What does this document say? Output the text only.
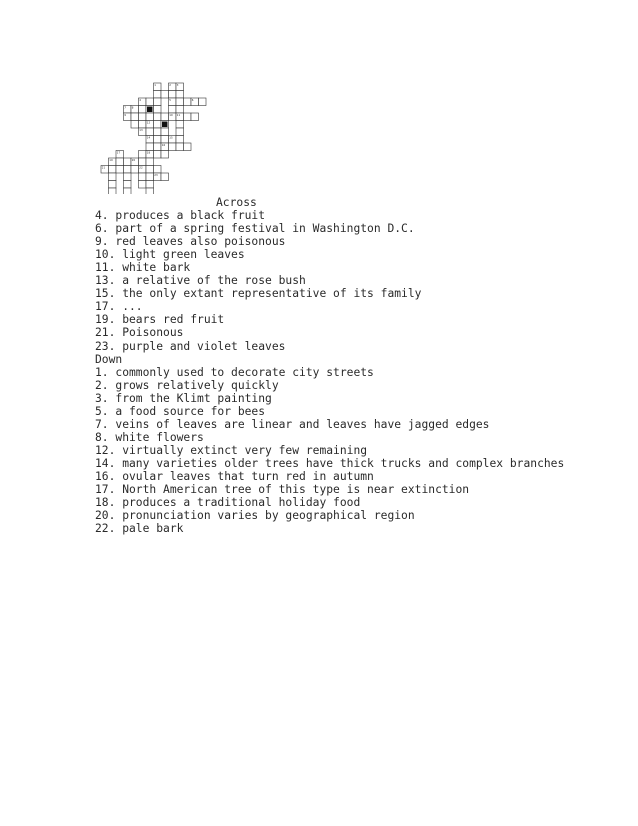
1	2 3
4	5	6
7 8
9	10 11
12
13
14	15
16
17	18
19	20
21	22
23
Across
4. produces a black fruit
6. part of a spring festival in Washington D.C.
9. red leaves also poisonous
10. light green leaves
11. white bark
13. a relative of the rose bush
15. the only extant representative of its family
17. ...
19. bears red fruit
21. Poisonous
23. purple and violet leaves
Down
1. commonly used to decorate city streets
2. grows relatively quickly
3. from the Klimt painting
5. a food source for bees
7. veins of leaves are linear and leaves have jagged edges
8. white flowers
12. virtually extinct very few remaining
14. many varieties older trees have thick trucks and complex branches
16. ovular leaves that turn red in autumn
17. North American tree of this type is near extinction
18. produces a traditional holiday food
20. pronunciation varies by geographical region
22. pale bark
